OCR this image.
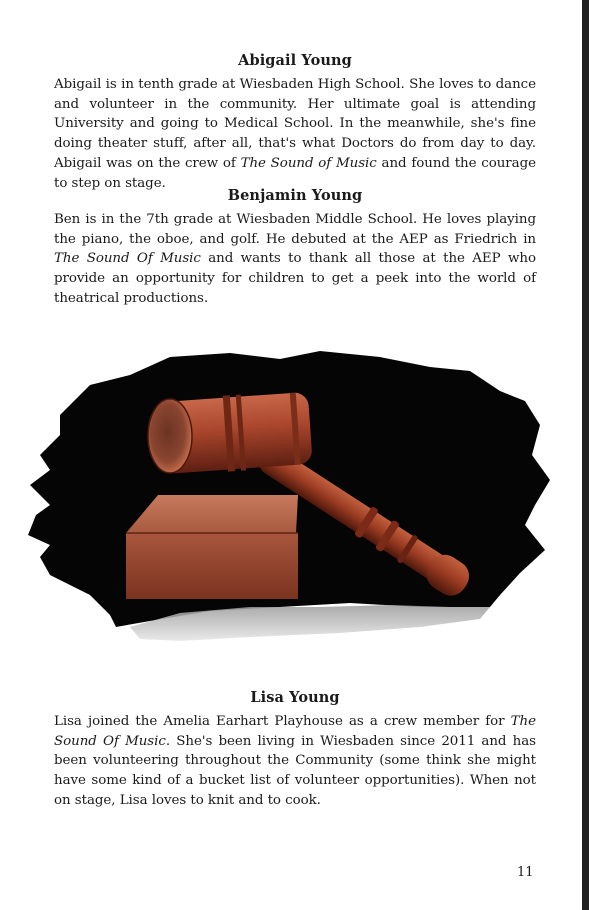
Abigail Young

Abigail is in tenth grade at Wiesbaden High School. She loves to dance and volunteer in the community. Her ultimate goal is attending University and going to Medical School. In the meanwhile, she's fine doing theater stuff, after all, that's what Doctors do from day to day. Abigail was on the crew of The Sound of Music and found the courage to step on stage.

Benjamin Young

Ben is in the 7th grade at Wiesbaden Middle School. He loves playing the piano, the oboe, and golf. He debuted at the AEP as Friedrich in The Sound Of Music and wants to thank all those at the AEP who provide an opportunity for children to get a peek into the world of theatrical productions.

Lisa Young

Lisa joined the Amelia Earhart Playhouse as a crew member for The Sound Of Music. She's been living in Wiesbaden since 2011 and has been volunteering throughout the Community (some think she might have some kind of a bucket list of volunteer opportunities). When not on stage, Lisa loves to knit and to cook.

11
